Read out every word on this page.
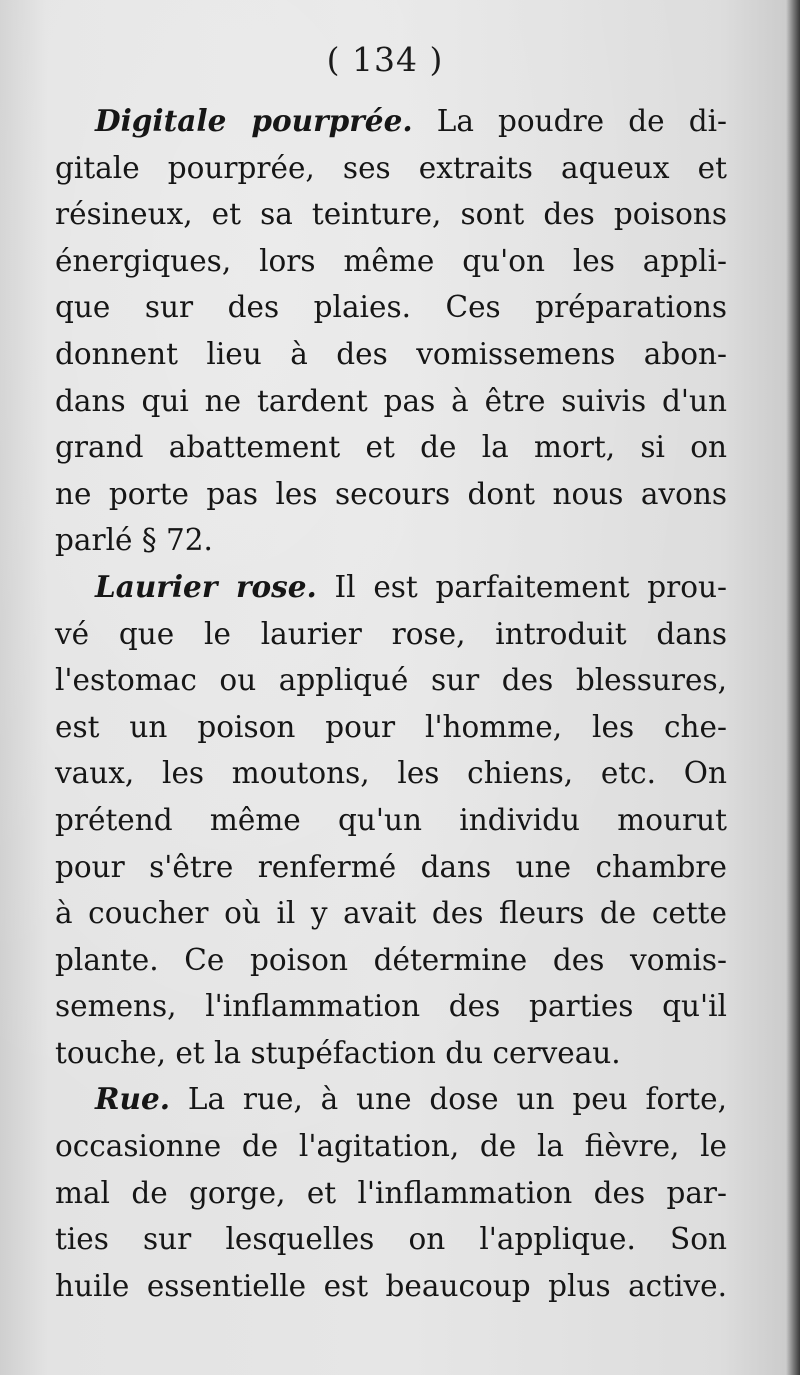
( 134 )
Digitale pourprée. La poudre de di-
gitale pourprée, ses extraits aqueux et
résineux, et sa teinture, sont des poisons
énergiques, lors même qu'on les appli-
que sur des plaies. Ces préparations
donnent lieu à des vomissemens abon-
dans qui ne tardent pas à être suivis d'un
grand abattement et de la mort, si on
ne porte pas les secours dont nous avons
parlé § 72.
Laurier rose. Il est parfaitement prou-
vé que le laurier rose, introduit dans
l'estomac ou appliqué sur des blessures,
est un poison pour l'homme, les che-
vaux, les moutons, les chiens, etc. On
prétend même qu'un individu mourut
pour s'être renfermé dans une chambre
à coucher où il y avait des fleurs de cette
plante. Ce poison détermine des vomis-
semens, l'inflammation des parties qu'il
touche, et la stupéfaction du cerveau.
Rue. La rue, à une dose un peu forte,
occasionne de l'agitation, de la fièvre, le
mal de gorge, et l'inflammation des par-
ties sur lesquelles on l'applique. Son
huile essentielle est beaucoup plus active.
